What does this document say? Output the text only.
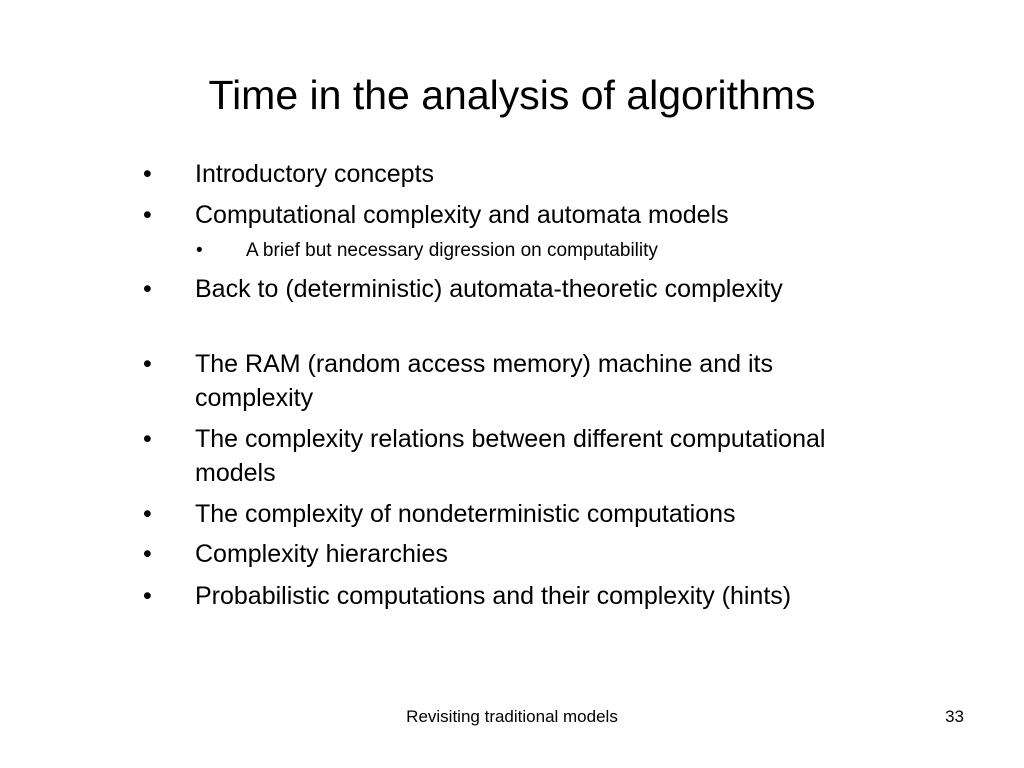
Time in the analysis of algorithms
•	Introductory concepts
•	Computational complexity and automata models
•	A brief but necessary digression on computability
•	Back to (deterministic) automata-theoretic complexity
•	The RAM (random access memory) machine and its complexity
•	The complexity relations between different computational models
•	The complexity of nondeterministic computations
•	Complexity hierarchies
•	Probabilistic computations and their complexity (hints)
Revisiting traditional models	33
